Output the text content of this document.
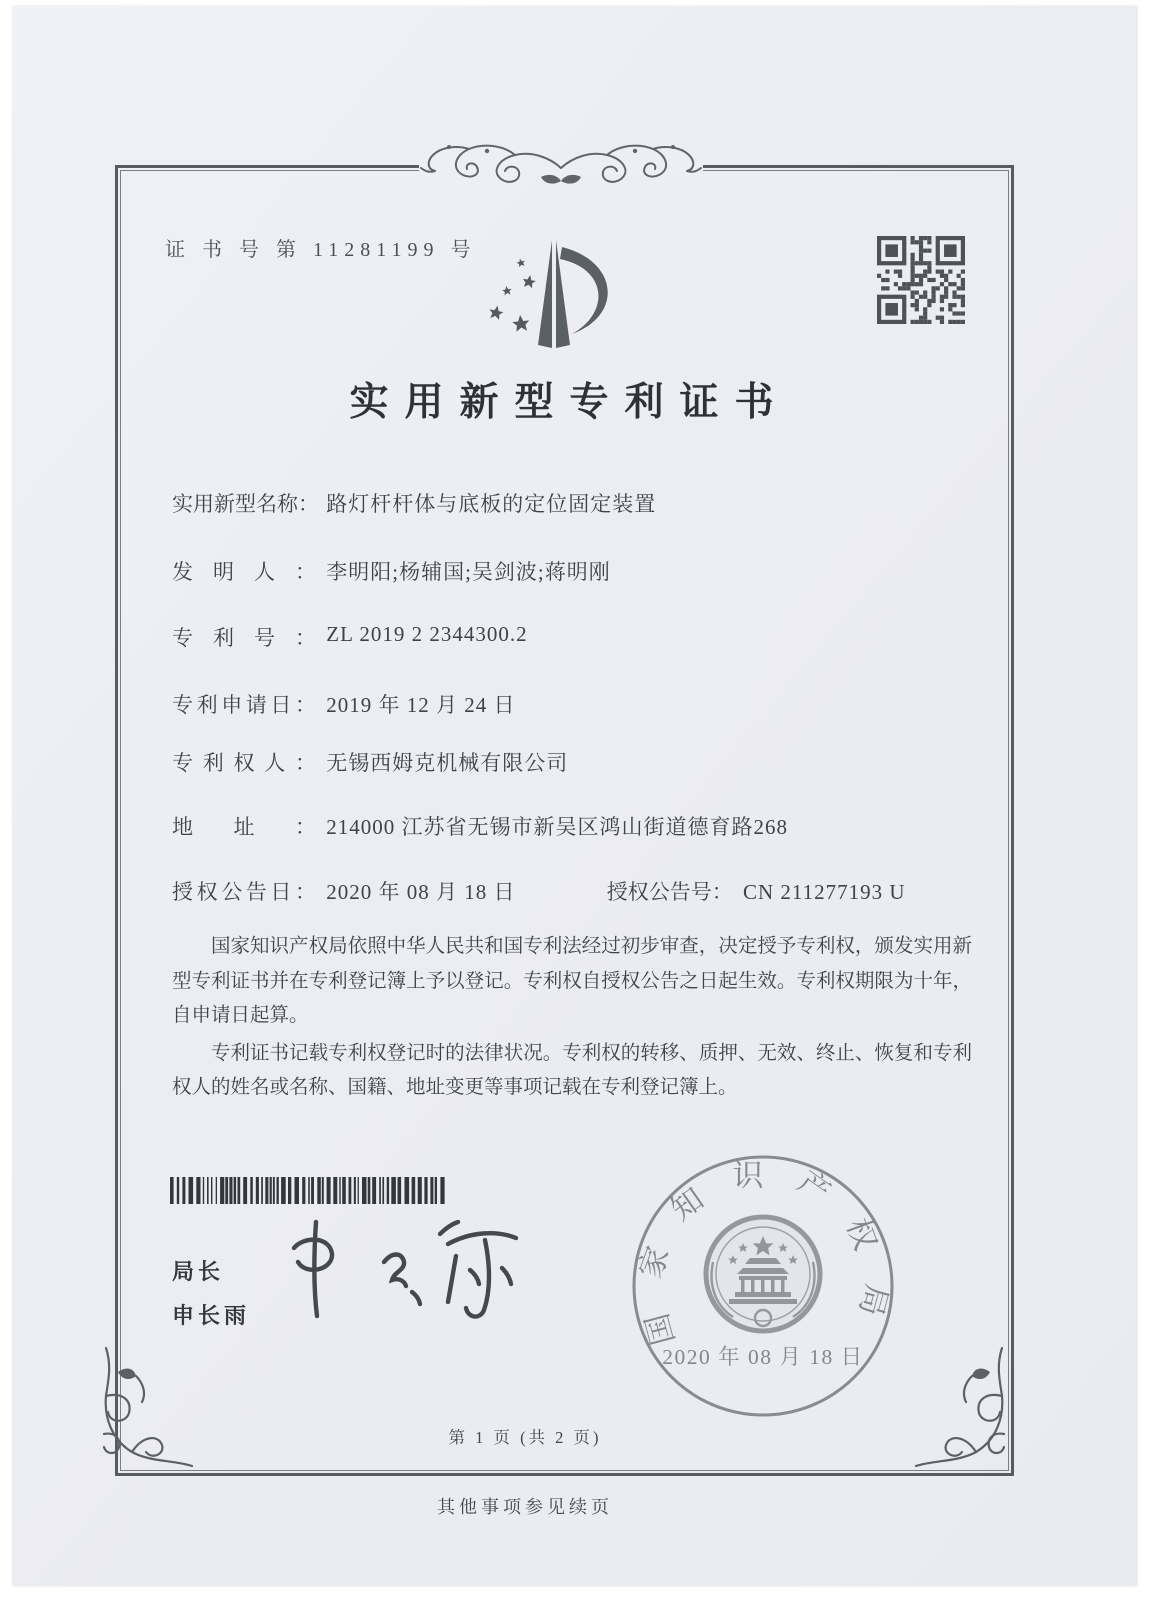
证 书 号 第 11281199 号
实用新型专利证书
实用新型名称： 路灯杆杆体与底板的定位固定装置
发明人： 李明阳;杨辅国;吴剑波;蒋明刚
专利号： ZL 2019 2 2344300.2
专利申请日： 2019 年 12 月 24 日
专利权人： 无锡西姆克机械有限公司
地址： 214000 江苏省无锡市新吴区鸿山街道德育路268
授权公告日： 2020 年 08 月 18 日	授权公告号： CN 211277193 U

国家知识产权局依照中华人民共和国专利法经过初步审查，决定授予专利权，颁发实用新型专利证书并在专利登记簿上予以登记。专利权自授权公告之日起生效。专利权期限为十年，自申请日起算。

专利证书记载专利权登记时的法律状况。专利权的转移、质押、无效、终止、恢复和专利权人的姓名或名称、国籍、地址变更等事项记载在专利登记簿上。

局长
申长雨	国家知识产权局
2020 年 08 月 18 日
第 1 页 (共 2 页)
其他事项参见续页
